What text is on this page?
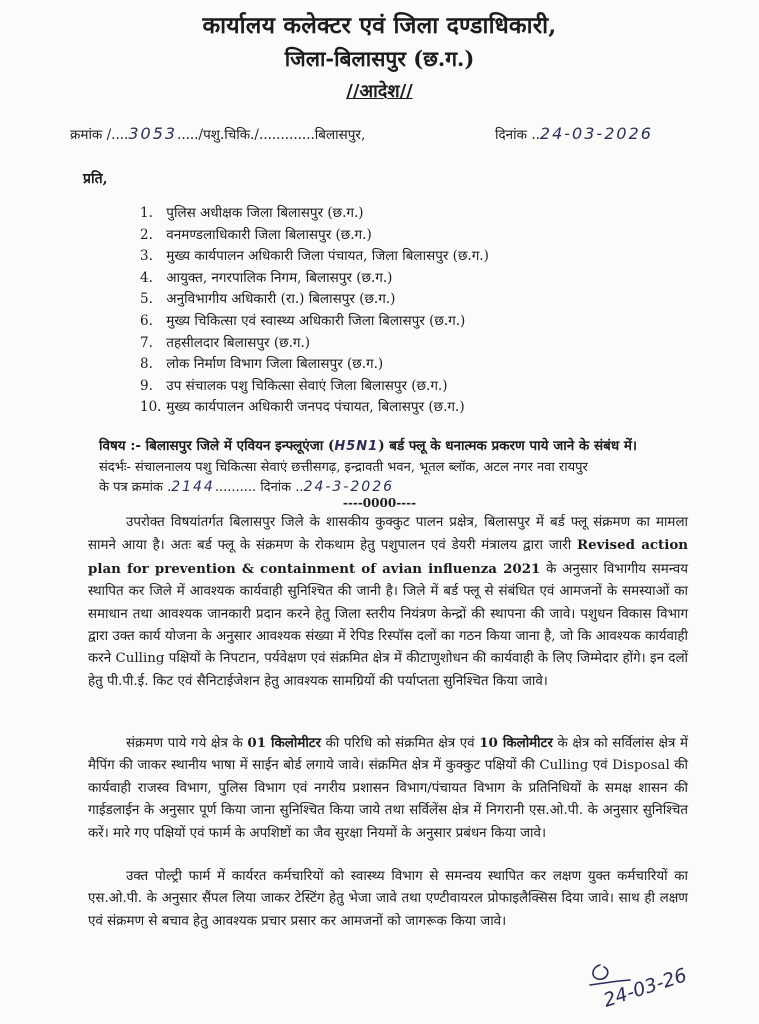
कार्यालय कलेक्टर एवं जिला दण्डाधिकारी,
जिला-बिलासपुर (छ.ग.)
//आदेश//
क्रमांक /....3053...../पशु.चिकि./.............बिलासपुर,	दिनांक ..24-03-2026
प्रति,
1. पुलिस अधीक्षक जिला बिलासपुर (छ.ग.)
2. वनमण्डलाधिकारी जिला बिलासपुर (छ.ग.)
3. मुख्य कार्यपालन अधिकारी जिला पंचायत, जिला बिलासपुर (छ.ग.)
4. आयुक्त, नगरपालिक निगम, बिलासपुर (छ.ग.)
5. अनुविभागीय अधिकारी (रा.) बिलासपुर (छ.ग.)
6. मुख्य चिकित्सा एवं स्वास्थ्य अधिकारी जिला बिलासपुर (छ.ग.)
7. तहसीलदार बिलासपुर (छ.ग.)
8. लोक निर्माण विभाग जिला बिलासपुर (छ.ग.)
9. उप संचालक पशु चिकित्सा सेवाएं जिला बिलासपुर (छ.ग.)
10. मुख्य कार्यपालन अधिकारी जनपद पंचायत, बिलासपुर (छ.ग.)
विषय :- बिलासपुर जिले में एवियन इन्फ्लूएंजा (H5N1) बर्ड फ्लू के धनात्मक प्रकरण पाये जाने के संबंध में।
संदर्भः- संचालनालय पशु चिकित्सा सेवाएं छत्तीसगढ़, इन्द्रावती भवन, भूतल ब्लॉक, अटल नगर नवा रायपुर
के पत्र क्रमांक .2144.......... दिनांक ..24-3-2026
----0000----
उपरोक्त विषयांतर्गत बिलासपुर जिले के शासकीय कुक्कुट पालन प्रक्षेत्र, बिलासपुर में बर्ड फ्लू संक्रमण का मामला सामने आया है। अतः बर्ड फ्लू के संक्रमण के रोकथाम हेतु पशुपालन एवं डेयरी मंत्रालय द्वारा जारी Revised action plan for prevention & containment of avian influenza 2021 के अनुसार विभागीय समन्वय स्थापित कर जिले में आवश्यक कार्यवाही सुनिश्चित की जानी है। जिले में बर्ड फ्लू से संबंधित एवं आमजनों के समस्याओं का समाधान तथा आवश्यक जानकारी प्रदान करने हेतु जिला स्तरीय नियंत्रण केन्द्रों की स्थापना की जावे। पशुधन विकास विभाग द्वारा उक्त कार्य योजना के अनुसार आवश्यक संख्या में रेपिड रिस्पॉस दलों का गठन किया जाना है, जो कि आवश्यक कार्यवाही करने Culling पक्षियों के निपटान, पर्यवेक्षण एवं संक्रमित क्षेत्र में कीटाणुशोधन की कार्यवाही के लिए जिम्मेदार होंगे। इन दलों हेतु पी.पी.ई. किट एवं सैनिटाईजेशन हेतु आवश्यक सामग्रियों की पर्याप्तता सुनिश्चित किया जावे।
संक्रमण पाये गये क्षेत्र के 01 किलोमीटर की परिधि को संक्रमित क्षेत्र एवं 10 किलोमीटर के क्षेत्र को सर्विलांस क्षेत्र में मैपिंग की जाकर स्थानीय भाषा में साईन बोर्ड लगाये जावे। संक्रमित क्षेत्र में कुक्कुट पक्षियों की Culling एवं Disposal की कार्यवाही राजस्व विभाग, पुलिस विभाग एवं नगरीय प्रशासन विभाग/पंचायत विभाग के प्रतिनिधियों के समक्ष शासन की गाईडलाईन के अनुसार पूर्ण किया जाना सुनिश्चित किया जाये तथा सर्विलेंस क्षेत्र में निगरानी एस.ओ.पी. के अनुसार सुनिश्चित करें। मारे गए पक्षियों एवं फार्म के अपशिष्टों का जैव सुरक्षा नियमों के अनुसार प्रबंधन किया जावे।
उक्त पोल्ट्री फार्म में कार्यरत कर्मचारियों को स्वास्थ्य विभाग से समन्वय स्थापित कर लक्षण युक्त कर्मचारियों का एस.ओ.पी. के अनुसार सैंपल लिया जाकर टेस्टिंग हेतु भेजा जावे तथा एण्टीवायरल प्रोफाइलैक्सिस दिया जावे। साथ ही लक्षण एवं संक्रमण से बचाव हेतु आवश्यक प्रचार प्रसार कर आमजनों को जागरूक किया जावे।
24-03-26
